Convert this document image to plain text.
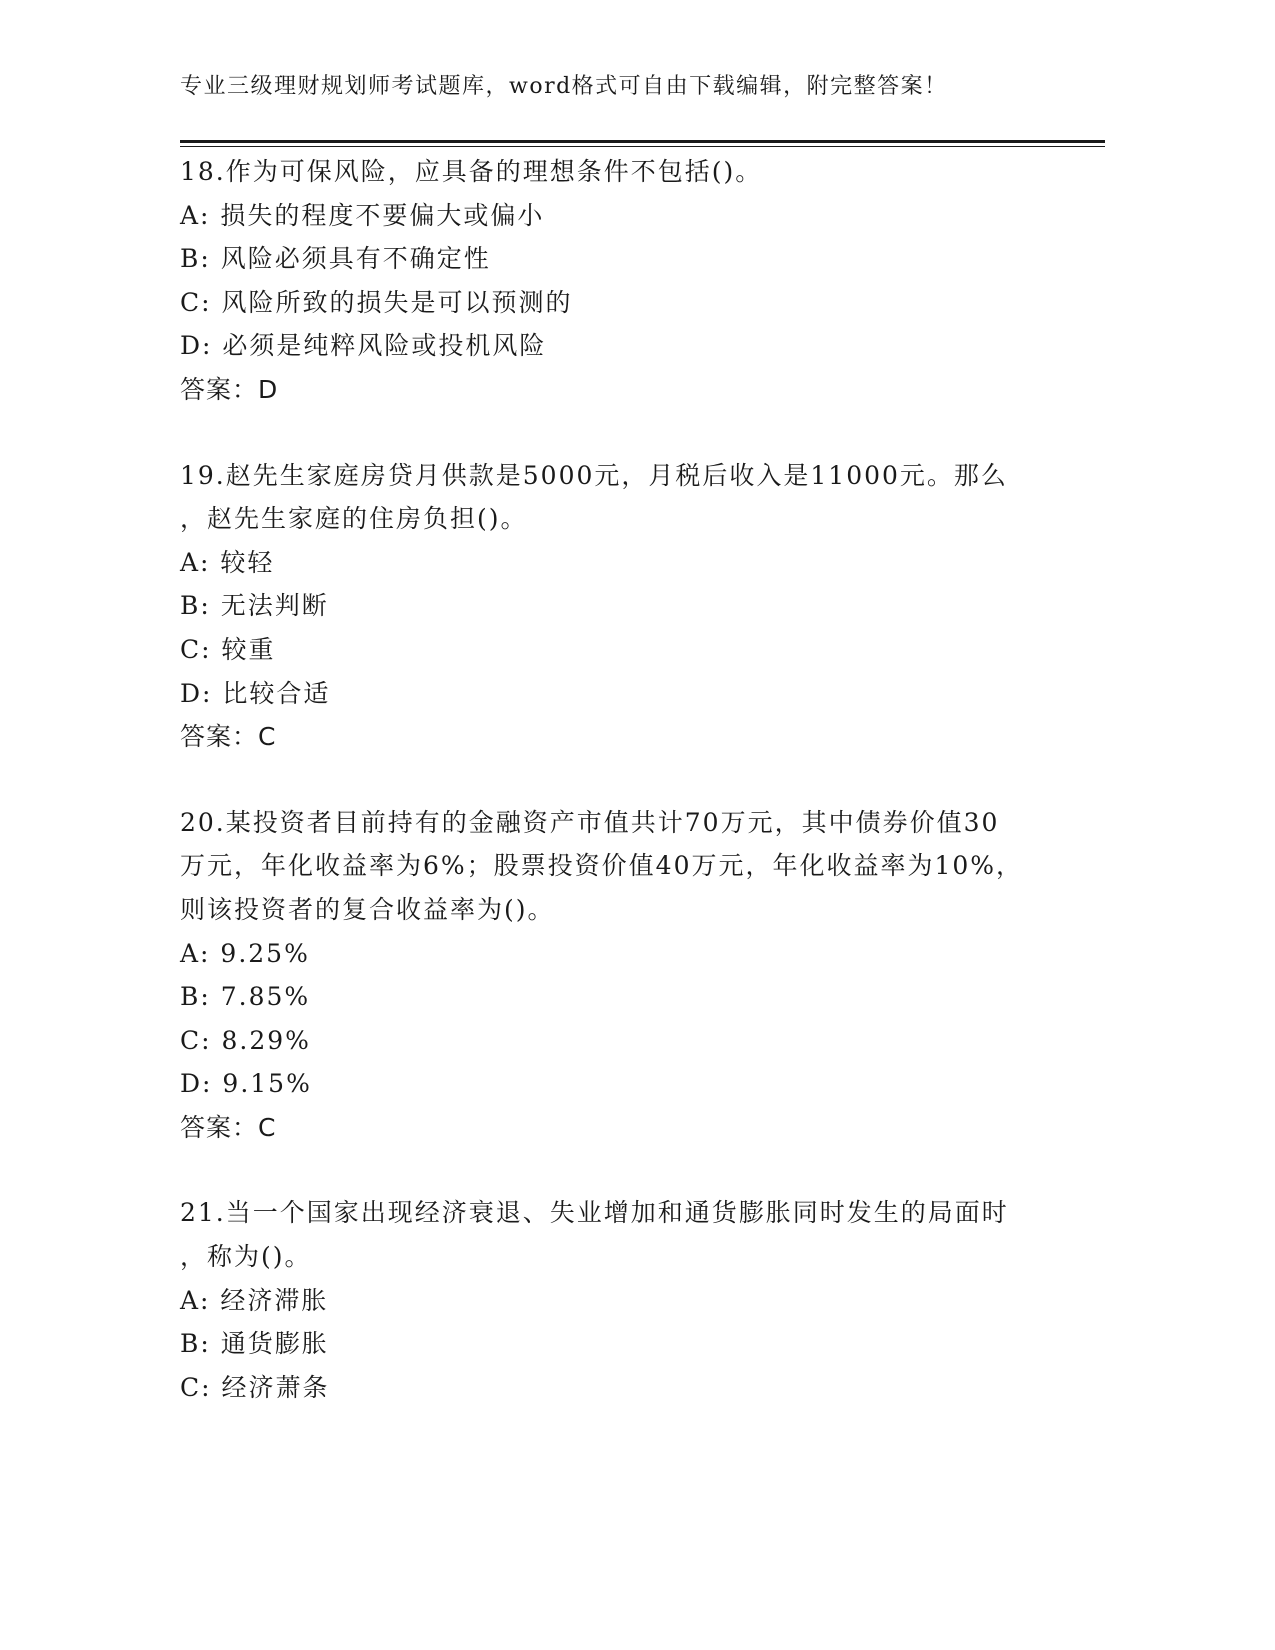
专业三级理财规划师考试题库，word格式可自由下载编辑，附完整答案！
18.作为可保风险，应具备的理想条件不包括()。
A: 损失的程度不要偏大或偏小
B: 风险必须具有不确定性
C: 风险所致的损失是可以预测的
D: 必须是纯粹风险或投机风险
答案：D
19.赵先生家庭房贷月供款是5000元，月税后收入是11000元。那么
，赵先生家庭的住房负担()。
A: 较轻
B: 无法判断
C: 较重
D: 比较合适
答案：C
20.某投资者目前持有的金融资产市值共计70万元，其中债券价值30
万元，年化收益率为6%；股票投资价值40万元，年化收益率为10%，
则该投资者的复合收益率为()。
A: 9.25%
B: 7.85%
C: 8.29%
D: 9.15%
答案：C
21.当一个国家出现经济衰退、失业增加和通货膨胀同时发生的局面时
，称为()。
A: 经济滞胀
B: 通货膨胀
C: 经济萧条
